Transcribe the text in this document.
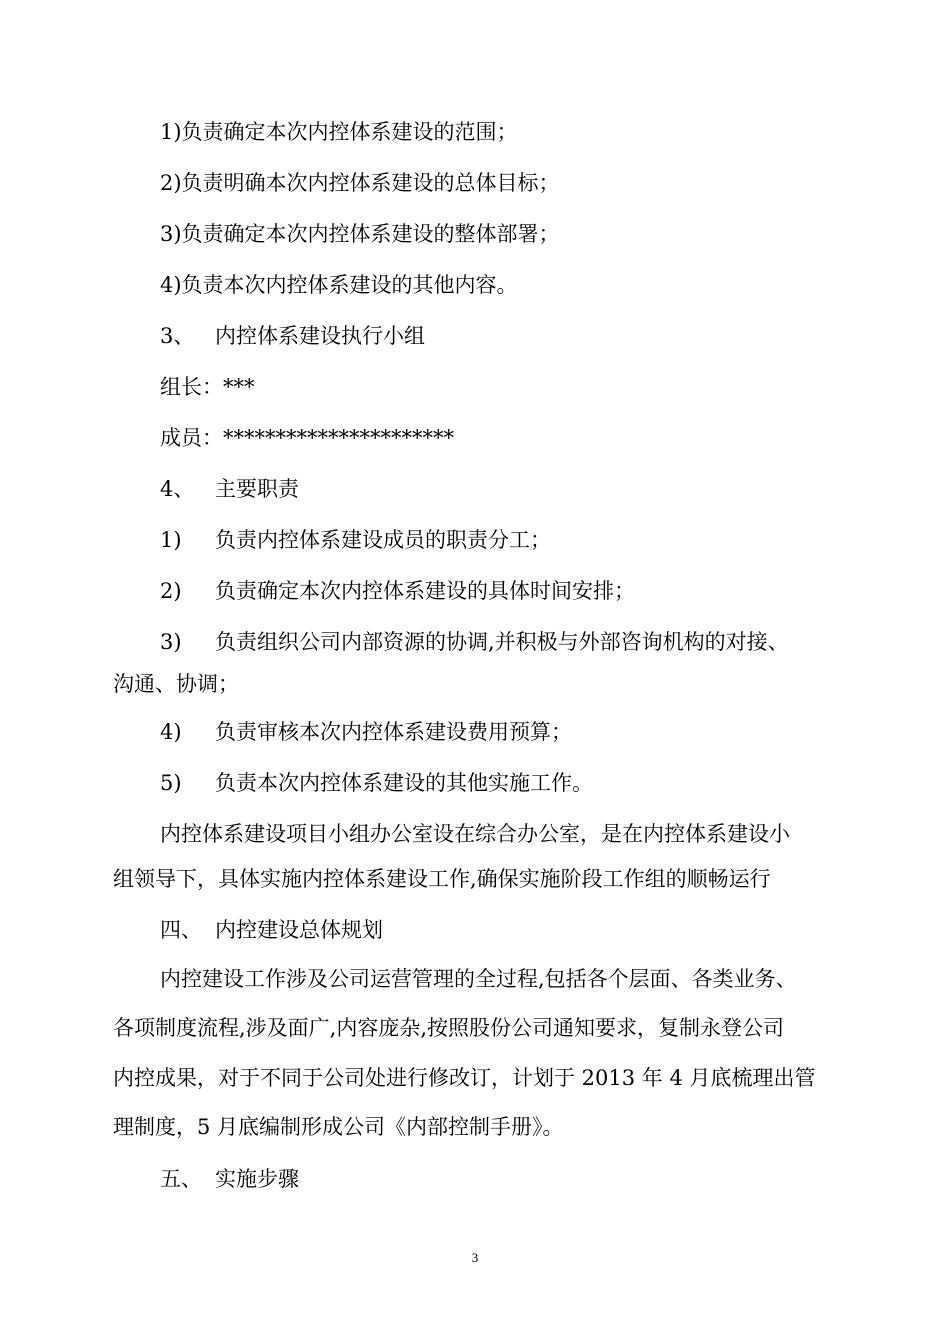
1)负责确定本次内控体系建设的范围；
2)负责明确本次内控体系建设的总体目标；
3)负责确定本次内控体系建设的整体部署；
4)负责本次内控体系建设的其他内容。
3、 内控体系建设执行小组
组长：***
成员：**********************
4、 主要职责
1) 负责内控体系建设成员的职责分工；
2) 负责确定本次内控体系建设的具体时间安排；
3) 负责组织公司内部资源的协调,并积极与外部咨询机构的对接、
沟通、协调；
4) 负责审核本次内控体系建设费用预算；
5) 负责本次内控体系建设的其他实施工作。
内控体系建设项目小组办公室设在综合办公室，是在内控体系建设小
组领导下，具体实施内控体系建设工作,确保实施阶段工作组的顺畅运行
四、 内控建设总体规划
内控建设工作涉及公司运营管理的全过程,包括各个层面、各类业务、
各项制度流程,涉及面广,内容庞杂,按照股份公司通知要求，复制永登公司
内控成果，对于不同于公司处进行修改订，计划于 2013 年 4 月底梳理出管
理制度，5 月底编制形成公司《内部控制手册》。
五、 实施步骤
3
